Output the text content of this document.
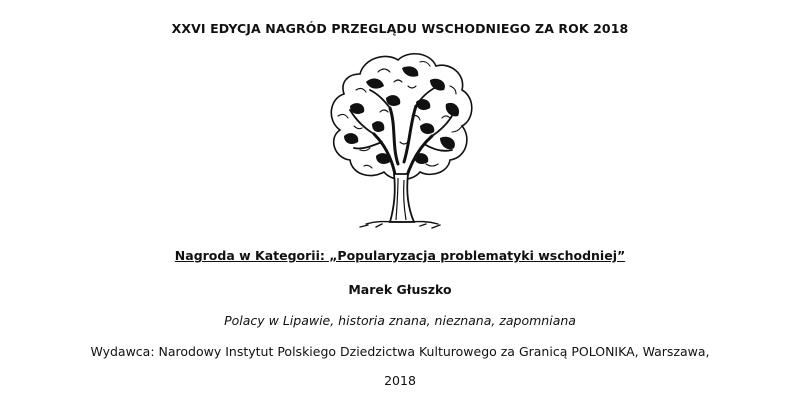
XXVI EDYCJA NAGRÓD PRZEGLĄDU WSCHODNIEGO ZA ROK 2018
Nagroda w Kategorii: „Popularyzacja problematyki wschodniej”
Marek Głuszko
Polacy w Lipawie, historia znana, nieznana, zapomniana
Wydawca: Narodowy Instytut Polskiego Dziedzictwa Kulturowego za Granicą POLONIKA, Warszawa,
2018
